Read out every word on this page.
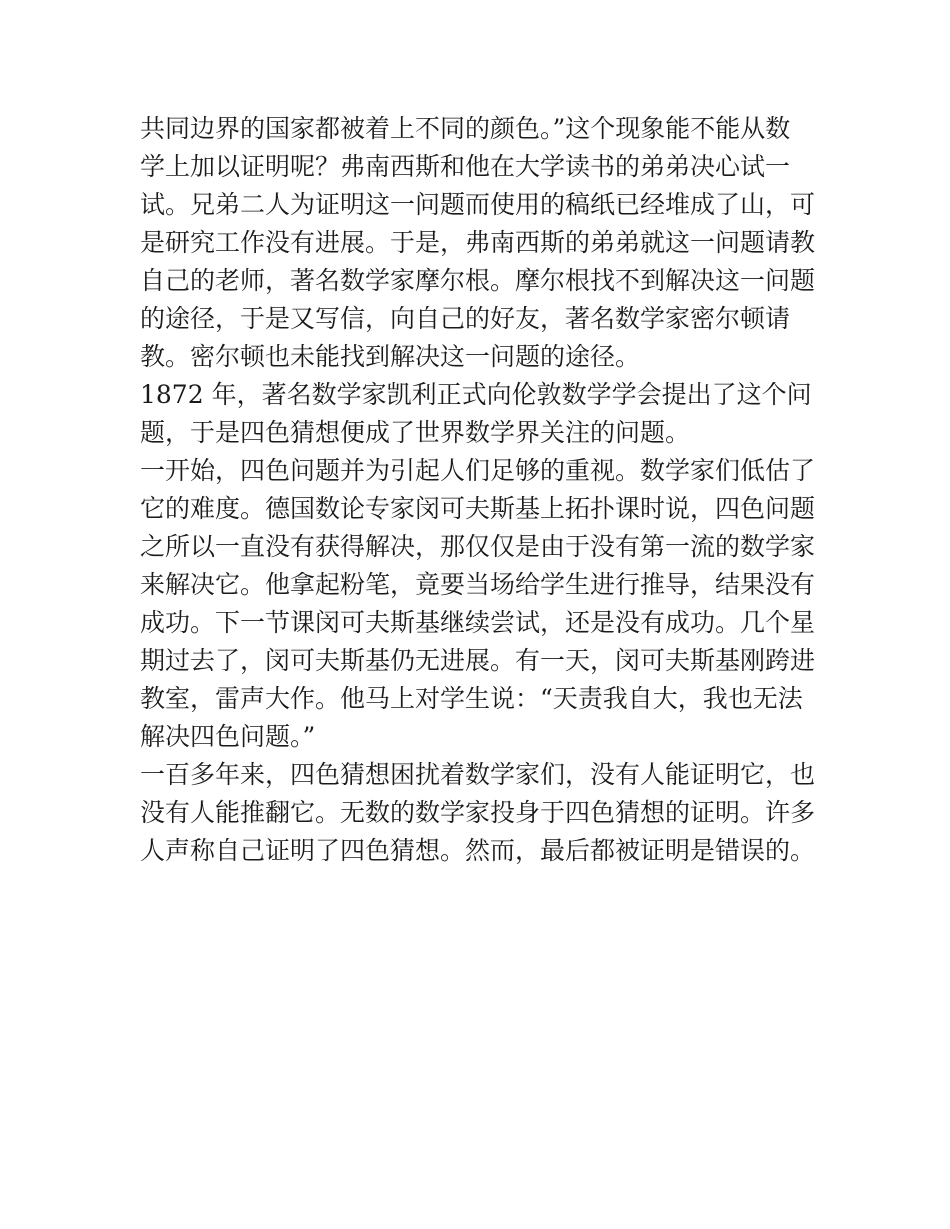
共同边界的国家都被着上不同的颜色。”这个现象能不能从数
学上加以证明呢？弗南西斯和他在大学读书的弟弟决心试一
试。兄弟二人为证明这一问题而使用的稿纸已经堆成了山，可
是研究工作没有进展。于是，弗南西斯的弟弟就这一问题请教
自己的老师，著名数学家摩尔根。摩尔根找不到解决这一问题
的途径，于是又写信，向自己的好友，著名数学家密尔顿请
教。密尔顿也未能找到解决这一问题的途径。
1872 年，著名数学家凯利正式向伦敦数学学会提出了这个问
题，于是四色猜想便成了世界数学界关注的问题。
一开始，四色问题并为引起人们足够的重视。数学家们低估了
它的难度。德国数论专家闵可夫斯基上拓扑课时说，四色问题
之所以一直没有获得解决，那仅仅是由于没有第一流的数学家
来解决它。他拿起粉笔，竟要当场给学生进行推导，结果没有
成功。下一节课闵可夫斯基继续尝试，还是没有成功。几个星
期过去了，闵可夫斯基仍无进展。有一天，闵可夫斯基刚跨进
教室，雷声大作。他马上对学生说：“天责我自大，我也无法
解决四色问题。”
一百多年来，四色猜想困扰着数学家们，没有人能证明它，也
没有人能推翻它。无数的数学家投身于四色猜想的证明。许多
人声称自己证明了四色猜想。然而，最后都被证明是错误的。
